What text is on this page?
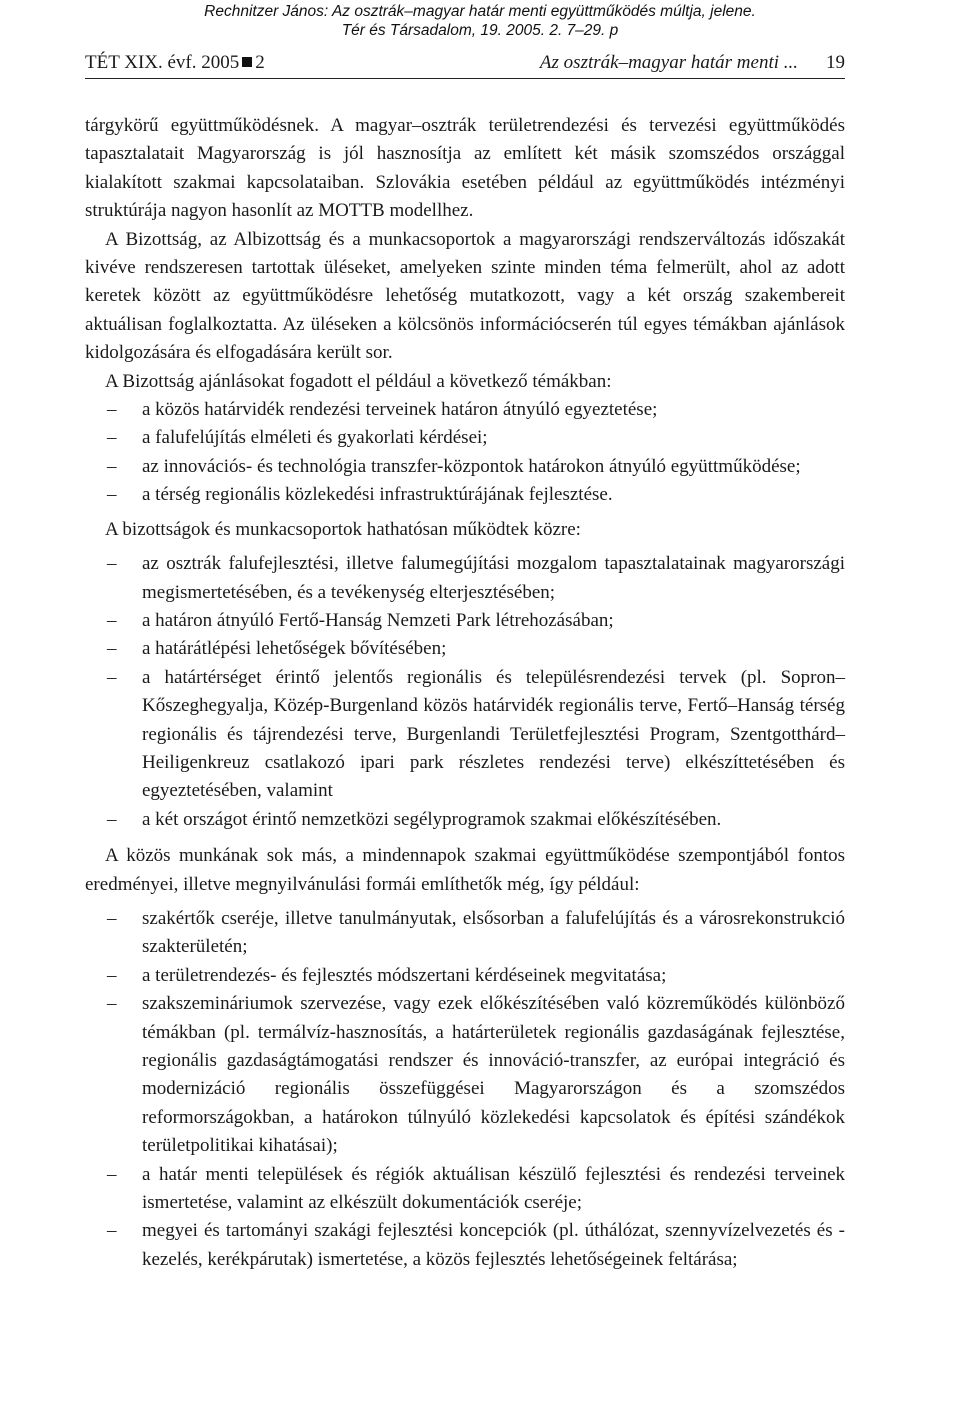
Rechnitzer János: Az osztrák–magyar határ menti együttműködés múltja, jelene.
Tér és Társadalom, 19. 2005. 2. 7–29. p
TÉT XIX. évf. 2005 2	Az osztrák–magyar határ menti ... 19

tárgykörű együttműködésnek. A magyar–osztrák területrendezési és tervezési együttműködés tapasztalatait Magyarország is jól hasznosítja az említett két másik szomszédos országgal kialakított szakmai kapcsolataiban. Szlovákia esetében például az együttműködés intézményi struktúrája nagyon hasonlít az MOTTB modellhez.

A Bizottság, az Albizottság és a munkacsoportok a magyarországi rendszerváltozás időszakát kivéve rendszeresen tartottak üléseket, amelyeken szinte minden téma felmerült, ahol az adott keretek között az együttműködésre lehetőség mutatkozott, vagy a két ország szakembereit aktuálisan foglalkoztatta. Az üléseken a kölcsönös információcserén túl egyes témákban ajánlások kidolgozására és elfogadására került sor.

A Bizottság ajánlásokat fogadott el például a következő témákban:

– a közös határvidék rendezési terveinek határon átnyúló egyeztetése;
– a falufelújítás elméleti és gyakorlati kérdései;
– az innovációs- és technológia transzfer-központok határokon átnyúló együttműködése;
– a térség regionális közlekedési infrastruktúrájának fejlesztése.

A bizottságok és munkacsoportok hathatósan működtek közre:

– az osztrák falufejlesztési, illetve falumegújítási mozgalom tapasztalatainak magyarországi megismertetésében, és a tevékenység elterjesztésében;
– a határon átnyúló Fertő-Hanság Nemzeti Park létrehozásában;
– a határátlépési lehetőségek bővítésében;
– a határtérséget érintő jelentős regionális és településrendezési tervek (pl. Sopron–Kőszeghegyalja, Közép-Burgenland közös határvidék regionális terve, Fertő–Hanság térség regionális és tájrendezési terve, Burgenlandi Területfejlesztési Program, Szentgotthárd–Heiligenkreuz csatlakozó ipari park részletes rendezési terve) elkészíttetésében és egyeztetésében, valamint
– a két országot érintő nemzetközi segélyprogramok szakmai előkészítésében.

A közös munkának sok más, a mindennapok szakmai együttműködése szempontjából fontos eredményei, illetve megnyilvánulási formái említhetők még, így például:

– szakértők cseréje, illetve tanulmányutak, elsősorban a falufelújítás és a városrekonstrukció szakterületén;
– a területrendezés- és fejlesztés módszertani kérdéseinek megvitatása;
– szakszemináriumok szervezése, vagy ezek előkészítésében való közreműködés különböző témákban (pl. termálvíz-hasznosítás, a határterületek regionális gazdaságának fejlesztése, regionális gazdaságtámogatási rendszer és innováció-transzfer, az európai integráció és modernizáció regionális összefüggései Magyarországon és a szomszédos reformországokban, a határokon túlnyúló közlekedési kapcsolatok és építési szándékok területpolitikai kihatásai);
– a határ menti települések és régiók aktuálisan készülő fejlesztési és rendezési terveinek ismertetése, valamint az elkészült dokumentációk cseréje;
– megyei és tartományi szakági fejlesztési koncepciók (pl. úthálózat, szennyvízelvezetés és -kezelés, kerékpárutak) ismertetése, a közös fejlesztés lehetőségeinek feltárása;
